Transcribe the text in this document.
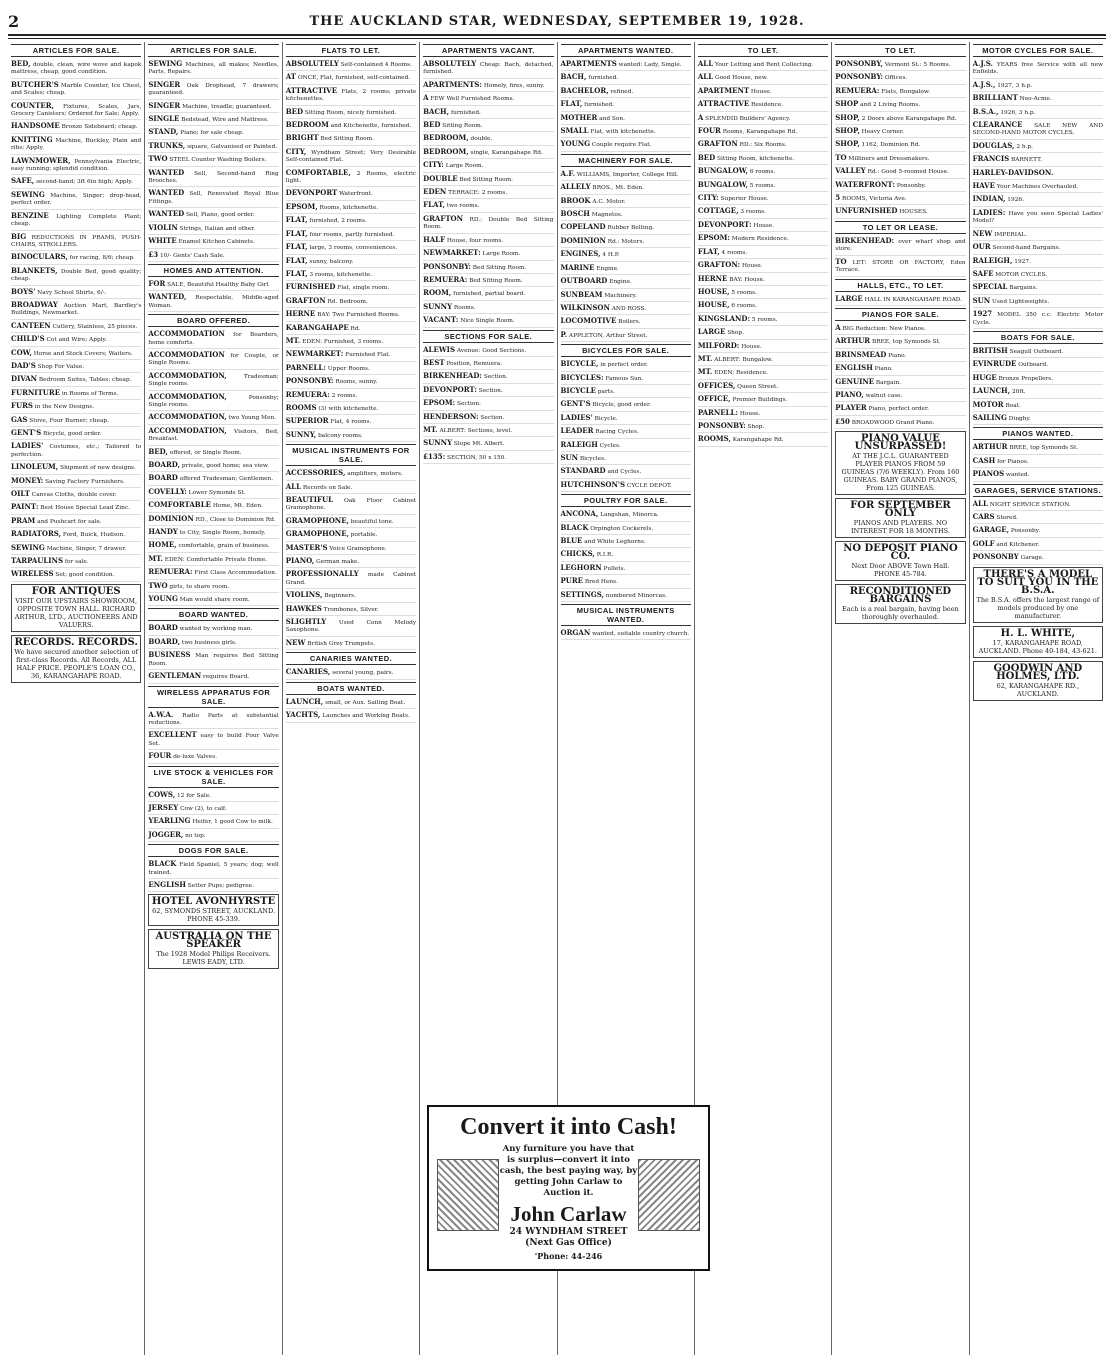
2	THE AUCKLAND STAR, WEDNESDAY, SEPTEMBER 19, 1928.
ARTICLES FOR SALE.
BED, double, clean, wire wove and kapok mattress, cheap, good condition.
BUTCHER'S Marble Counter, Ice Chest, and Scales; cheap.
COUNTER, Fixtures, Scales, Jars, Grocery Canisters; Ordered for Sale; Apply.
HANDSOME Bronze Sideboard; cheap.
KNITTING Machine, Buckley, Plain and ribs; Apply.
LAWNMOWER, Pennsylvania Electric, easy running; splendid condition.
SAFE, second-hand; 3ft 6in high; Apply.
SEWING Machine, Singer; drop-head, perfect order.
BENZINE Lighting Complete Plant; cheap.
BIG REDUCTIONS IN PRAMS, PUSH-CHAIRS, STROLLERS.
BINOCULARS, for racing, 8/6; cheap.
BLANKETS, Double Bed, good quality; cheap.
BOYS' Navy School Shirts, 6/-.
BROADWAY Auction Mart, Bardley's Buildings, Newmarket.
CANTEEN Cutlery, Stainless, 25 pieces.
CHILD'S Cot and Wire; Apply.
COW, Horse and Stock Covers; Waiters.
DAD'S Shop For Value.
DIVAN Bedroom Suites, Tables; cheap.
FURNITURE in Rooms of Terms.
FURS in the New Designs.
GAS Stove, Four Burner; cheap.
GENT'S Bicycle, good order.
LADIES' Costumes, etc.; Tailored to perfection.
LINOLEUM, Shipment of new designs.
MONEY: Saving Factory Furnishers.
OILT Canvas Cloths, double cover.
PAINT: Best House Special Lead Zinc.
PRAM and Pushcart for sale.
RADIATORS, Ford, Buick, Hudson.
SEWING Machine, Singer, 7 drawer.
TARPAULINS for sale.
WIRELESS Set; good condition.
FOR ANTIQUES
VISIT OUR UPSTAIRS SHOWROOM, OPPOSITE TOWN HALL. RICHARD ARTHUR, LTD., AUCTIONEERS AND VALUERS.
RECORDS. RECORDS.
We have secured another selection of first-class Records. All Records, ALL HALF PRICE. PEOPLE'S LOAN CO., 36, KARANGAHAPE ROAD.
ARTICLES FOR SALE.
SEWING Machines, all makes; Needles, Parts, Repairs.
SINGER Oak Drophead, 7 drawers; guaranteed.
SINGER Machine, treadle; guaranteed.
SINGLE Bedstead, Wire and Mattress.
STAND, Piano; for sale cheap.
TRUNKS, square, Galvanised or Painted.
TWO STEEL Counter Washing Boilers.
WANTED Sell, Second-hand Ring Brooches.
WANTED Sell, Renovated Royal Blue Fittings.
WANTED Sell, Piano, good order.
VIOLIN Strings, Italian and other.
WHITE Enamel Kitchen Cabinets.
£3 10/- Gents' Cash Sale.
HOMES AND ATTENTION.
FOR SALE, Beautiful Healthy Baby Girl.
WANTED, Respectable, Middle-aged Woman.
BOARD OFFERED.
ACCOMMODATION for Boarders, home comforts.
ACCOMMODATION for Couple, or Single Rooms.
ACCOMMODATION, Tradesman; Single rooms.
ACCOMMODATION, Ponsonby; Single rooms.
ACCOMMODATION, two Young Men.
ACCOMMODATION, Visitors, Bed, Breakfast.
BED, offered, or Single Room.
BOARD, private, good home; sea view.
BOARD offered Tradesman; Gentlemen.
COVELLY: Lower Symonds St.
COMFORTABLE Home, Mt. Eden.
DOMINION RD., Close to Dominion Rd.
HANDY to City, Single Room, homely.
HOME, comfortable, grain of business.
MT. EDEN: Comfortable Private Home.
REMUERA: First Class Accommodation.
TWO girls, to share room.
YOUNG Man would share room.
BOARD WANTED.
BOARD wanted by working man.
BOARD, two business girls.
BUSINESS Man requires Bed Sitting Room.
GENTLEMAN requires Board.
WIRELESS APPARATUS FOR SALE.
A.W.A. Radio Parts at substantial reductions.
EXCELLENT easy to build Four Valve Set.
FOUR de-luxe Valves.
LIVE STOCK & VEHICLES FOR SALE.
COWS, 12 for Sale.
JERSEY Cow (2), to calf.
YEARLING Heifer, 1 good Cow to milk.
JOGGER, no top.
DOGS FOR SALE.
BLACK Field Spaniel, 5 years; dog; well trained.
ENGLISH Setter Pups; pedigree.
HOTEL AVONHYRSTE
62, SYMONDS STREET, AUCKLAND. PHONE 45-339.
AUSTRALIA ON THE SPEAKER
The 1928 Model Philips Receivers. LEWIS EADY, LTD.
FLATS TO LET.
ABSOLUTELY Self-contained 4 Rooms.
AT ONCE, Flat, furnished, self-contained.
ATTRACTIVE Flats, 2 rooms; private kitchenettes.
BED Sitting Room, nicely furnished.
BEDROOM and Kitchenette, furnished.
BRIGHT Bed Sitting Room.
CITY, Wyndham Street; Very Desirable Self-contained Flat.
COMFORTABLE, 2 Rooms, electric light.
DEVONPORT Waterfront.
EPSOM, Rooms, kitchenette.
FLAT, furnished, 2 rooms.
FLAT, four rooms, partly furnished.
FLAT, large, 3 rooms, conveniences.
FLAT, sunny, balcony.
FLAT, 3 rooms, kitchenette.
FURNISHED Flat, single room.
GRAFTON Rd. Bedroom.
HERNE BAY: Two Furnished Rooms.
KARANGAHAPE Rd.
MT. EDEN: Furnished, 3 rooms.
NEWMARKET: Furnished Flat.
PARNELL: Upper Rooms.
PONSONBY: Rooms, sunny.
REMUERA: 2 rooms.
ROOMS (3) with kitchenette.
SUPERIOR Flat, 4 rooms.
SUNNY, balcony rooms.
MUSICAL INSTRUMENTS FOR SALE.
ACCESSORIES, amplifiers, motors.
ALL Records on Sale.
BEAUTIFUL Oak Floor Cabinet Gramophone.
GRAMOPHONE, beautiful tone.
GRAMOPHONE, portable.
MASTER'S Voice Gramophone.
PIANO, German make.
PROFESSIONALLY made Cabinet Grand.
VIOLINS, Beginners.
HAWKES Trombones, Silver.
SLIGHTLY Used Conn Melody Saxophone.
NEW British Grey Trumpets.
CANARIES WANTED.
CANARIES, several young, pairs.
BOATS WANTED.
LAUNCH, small, or Aux. Sailing Boat.
YACHTS, Launches and Working Boats.
APARTMENTS VACANT.
ABSOLUTELY Cheap: Bach, detached, furnished.
APARTMENTS: Homely, fires, sunny.
A FEW Well Furnished Rooms.
BACH, furnished.
BED Sitting Room.
BEDROOM, double.
BEDROOM, single, Karangahape Rd.
CITY: Large Room.
DOUBLE Bed Sitting Room.
EDEN TERRACE: 2 rooms.
FLAT, two rooms.
GRAFTON RD.: Double Bed Sitting Room.
HALF House, four rooms.
NEWMARKET: Large Room.
PONSONBY: Bed Sitting Room.
REMUERA: Bed Sitting Room.
ROOM, furnished, partial board.
SUNNY Rooms.
VACANT: Nice Single Room.
SECTIONS FOR SALE.
ALEWIS Avenue: Good Sections.
BEST Position, Remuera.
BIRKENHEAD: Section.
DEVONPORT: Section.
EPSOM: Section.
HENDERSON: Section.
MT. ALBERT: Sections, level.
SUNNY Slope Mt. Albert.
£135: SECTION, 50 x 150.
APARTMENTS WANTED.
APARTMENTS wanted: Lady, Single.
BACH, furnished.
BACHELOR, refined.
FLAT, furnished.
MOTHER and Son.
SMALL Flat, with kitchenette.
YOUNG Couple require Flat.
MACHINERY FOR SALE.
A.F. WILLIAMS, Importer, College Hill.
ALLELY BROS., Mt. Eden.
BROOK A.C. Motor.
BOSCH Magnetos.
COPELAND Rubber Belting.
DOMINION Rd.: Motors.
ENGINES, 4 H.P.
MARINE Engine.
OUTBOARD Engine.
SUNBEAM Machinery.
WILKINSON AND ROSS.
LOCOMOTIVE Boilers.
P. APPLETON, Arthur Street.
BICYCLES FOR SALE.
BICYCLE, in perfect order.
BICYCLES: Famous Sun.
BICYCLE parts.
GENT'S Bicycle, good order.
LADIES' Bicycle.
LEADER Racing Cycles.
RALEIGH Cycles.
SUN Bicycles.
STANDARD and Cycles.
HUTCHINSON'S CYCLE DEPOT.
POULTRY FOR SALE.
ANCONA, Langshan, Minorca.
BLACK Orpington Cockerels.
BLUE and White Leghorns.
CHICKS, R.I.R.
LEGHORN Pullets.
PURE Bred Hens.
SETTINGS, numbered Minorcas.
MUSICAL INSTRUMENTS WANTED.
ORGAN wanted, suitable country church.
TO LET.
ALL Your Letting and Rent Collecting.
ALL Good House, new.
APARTMENT House.
ATTRACTIVE Residence.
A SPLENDID Builders' Agency.
FOUR Rooms, Karangahape Rd.
GRAFTON RD.: Six Rooms.
BED Sitting Room, kitchenette.
BUNGALOW, 6 rooms.
BUNGALOW, 5 rooms.
CITY: Superior House.
COTTAGE, 3 rooms.
DEVONPORT: House.
EPSOM: Modern Residence.
FLAT, 4 rooms.
GRAFTON: House.
HERNE BAY: House.
HOUSE, 5 rooms.
HOUSE, 6 rooms.
KINGSLAND: 5 rooms.
LARGE Shop.
MILFORD: House.
MT. ALBERT: Bungalow.
MT. EDEN: Residence.
OFFICES, Queen Street.
OFFICE, Premier Buildings.
PARNELL: House.
PONSONBY: Shop.
ROOMS, Karangahape Rd.
TO LET.
PONSONBY, Vermont St.: 5 Rooms.
PONSONBY: Offices.
REMUERA: Flats, Bungalow.
SHOP and 2 Living Rooms.
SHOP, 2 Doors above Karangahape Rd.
SHOP, Heavy Corner.
SHOP, 1162, Dominion Rd.
TO Milliners and Dressmakers.
VALLEY Rd.: Good 5-roomed House.
WATERFRONT: Ponsonby.
5 ROOMS, Victoria Ave.
UNFURNISHED HOUSES.
TO LET OR LEASE.
BIRKENHEAD: over wharf shop and store.
TO LET: STORE OR FACTORY, Eden Terrace.
HALLS, ETC., TO LET.
LARGE HALL IN KARANGAHAPE ROAD.
PIANOS FOR SALE.
A BIG Reduction: New Pianos.
ARTHUR BREE, top Symonds St.
BRINSMEAD Piano.
ENGLISH Piano.
GENUINE Bargain.
PIANO, walnut case.
PLAYER Piano, perfect order.
£50 BROADWOOD Grand Piano.
PIANO VALUE UNSURPASSED!
AT THE J.C.L. GUARANTEED PLAYER PIANOS FROM 59 GUINEAS (7/6 WEEKLY). From 160 GUINEAS. BABY GRAND PIANOS, From 125 GUINEAS.
FOR SEPTEMBER ONLY
PIANOS AND PLAYERS. NO INTEREST FOR 18 MONTHS.
NO DEPOSIT PIANO CO.
Next Door ABOVE Town Hall. PHONE 45-784.
RECONDITIONED BARGAINS
Each is a real bargain, having been thoroughly overhauled.
MOTOR CYCLES FOR SALE.
A.J.S. YEARS free Service with all new Enfields.
A.J.S., 1927, 3 h.p.
BRILLIANT Neo-Acme.
B.S.A., 1926, 3 h.p.
CLEARANCE SALE NEW AND SECOND-HAND MOTOR CYCLES.
DOUGLAS, 2 h.p.
FRANCIS BARNETT.
HARLEY-DAVIDSON.
HAVE Your Machines Overhauled.
INDIAN, 1926.
LADIES: Have you seen Special Ladies' Model?
NEW IMPERIAL.
OUR Second-hand Bargains.
RALEIGH, 1927.
SAFE MOTOR CYCLES.
SPECIAL Bargains.
SUN Used Lightweights.
1927 MODEL 350 c.c. Electric Motor Cycle.
BOATS FOR SALE.
BRITISH Seagull Outboard.
EVINRUDE Outboard.
HUGE Bronze Propellers.
LAUNCH, 20ft.
MOTOR Boat.
SAILING Dinghy.
PIANOS WANTED.
ARTHUR BREE, top Symonds St.
CASH for Pianos.
PIANOS wanted.
GARAGES, SERVICE STATIONS.
ALL NIGHT SERVICE STATION.
CARS Stored.
GARAGE, Ponsonby.
GOLF and Kitchener.
PONSONBY Garage.
THERE'S A MODEL TO SUIT YOU IN THE B.S.A.
The B.S.A. offers the largest range of models produced by one manufacturer.
H. L. WHITE,
17, KARANGAHAPE ROAD, AUCKLAND. Phone 40-184, 43-621.
GOODWIN AND HOLMES, LTD.
62, KARANGAHAPE RD., AUCKLAND.
Convert it into Cash!
Any furniture you have that is surplus—convert it into cash, the best paying way, by getting John Carlaw to Auction it.
John Carlaw
24 WYNDHAM STREET
(Next Gas Office)
'Phone: 44-246
